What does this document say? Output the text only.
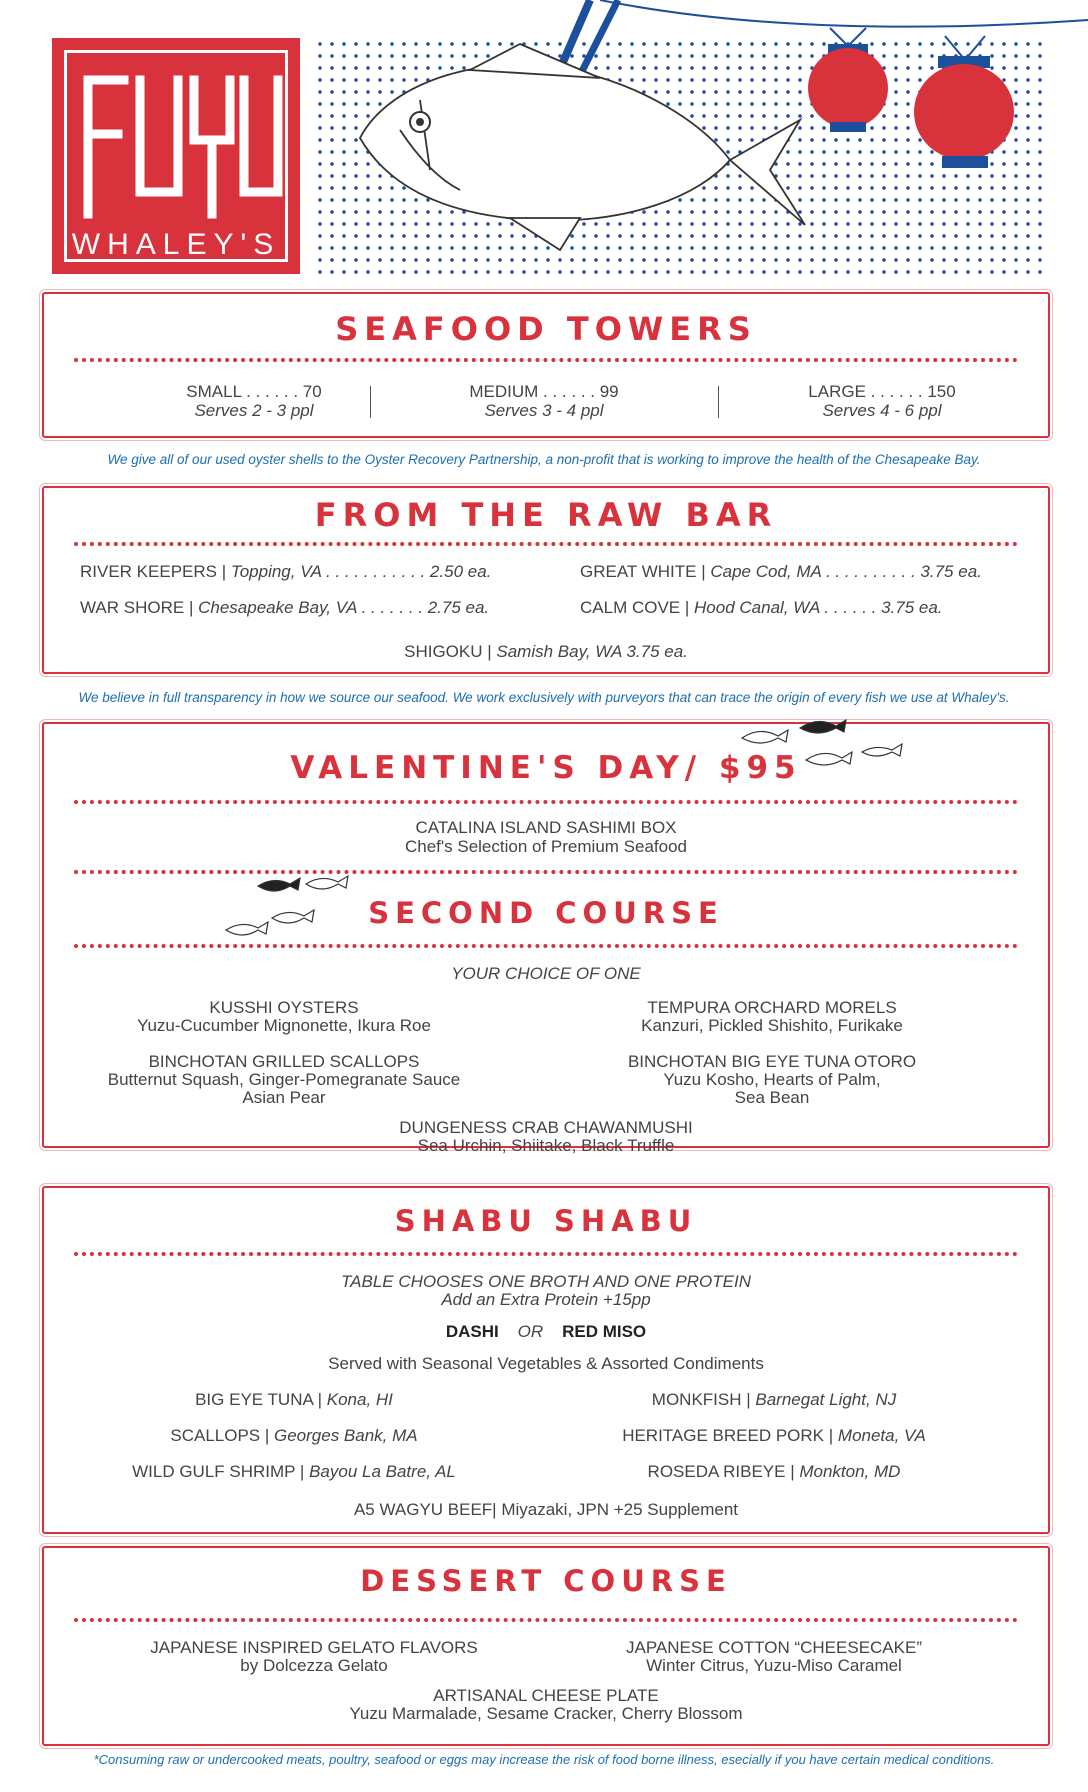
WHALEY'S
SEAFOOD TOWERS
SMALL . . . . . . 70
Serves 2 - 3 ppl
MEDIUM . . . . . . 99
Serves 3 - 4 ppl
LARGE . . . . . . 150
Serves 4 - 6 ppl
We give all of our used oyster shells to the Oyster Recovery Partnership, a non-profit that is working to improve the health of the Chesapeake Bay.
FROM THE RAW BAR
RIVER KEEPERS | Topping, VA . . . . . . . . . . . 2.50 ea.	GREAT WHITE | Cape Cod, MA . . . . . . . . . . 3.75 ea.
WAR SHORE | Chesapeake Bay, VA . . . . . . . 2.75 ea.	CALM COVE | Hood Canal, WA . . . . . . 3.75 ea.
SHIGOKU | Samish Bay, WA 3.75 ea.
We believe in full transparency in how we source our seafood. We work exclusively with purveyors that can trace the origin of every fish we use at Whaley's.
VALENTINE'S DAY/ $95
CATALINA ISLAND SASHIMI BOX
Chef's Selection of Premium Seafood
SECOND COURSE
YOUR CHOICE OF ONE
KUSSHI OYSTERS
Yuzu-Cucumber Mignonette, Ikura Roe
TEMPURA ORCHARD MORELS
Kanzuri, Pickled Shishito, Furikake
BINCHOTAN GRILLED SCALLOPS
Butternut Squash, Ginger-Pomegranate Sauce
Asian Pear
BINCHOTAN BIG EYE TUNA OTORO
Yuzu Kosho, Hearts of Palm,
Sea Bean
DUNGENESS CRAB CHAWANMUSHI
Sea Urchin, Shiitake, Black Truffle
SHABU SHABU
TABLE CHOOSES ONE BROTH AND ONE PROTEIN
Add an Extra Protein +15pp
DASHI OR RED MISO
Served with Seasonal Vegetables & Assorted Condiments
BIG EYE TUNA | Kona, HI	MONKFISH | Barnegat Light, NJ
SCALLOPS | Georges Bank, MA	HERITAGE BREED PORK | Moneta, VA
WILD GULF SHRIMP | Bayou La Batre, AL	ROSEDA RIBEYE | Monkton, MD
A5 WAGYU BEEF| Miyazaki, JPN +25 Supplement
DESSERT COURSE
JAPANESE INSPIRED GELATO FLAVORS
by Dolcezza Gelato
JAPANESE COTTON “CHEESECAKE”
Winter Citrus, Yuzu-Miso Caramel
ARTISANAL CHEESE PLATE
Yuzu Marmalade, Sesame Cracker, Cherry Blossom
*Consuming raw or undercooked meats, poultry, seafood or eggs may increase the risk of food borne illness, esecially if you have certain medical conditions.
